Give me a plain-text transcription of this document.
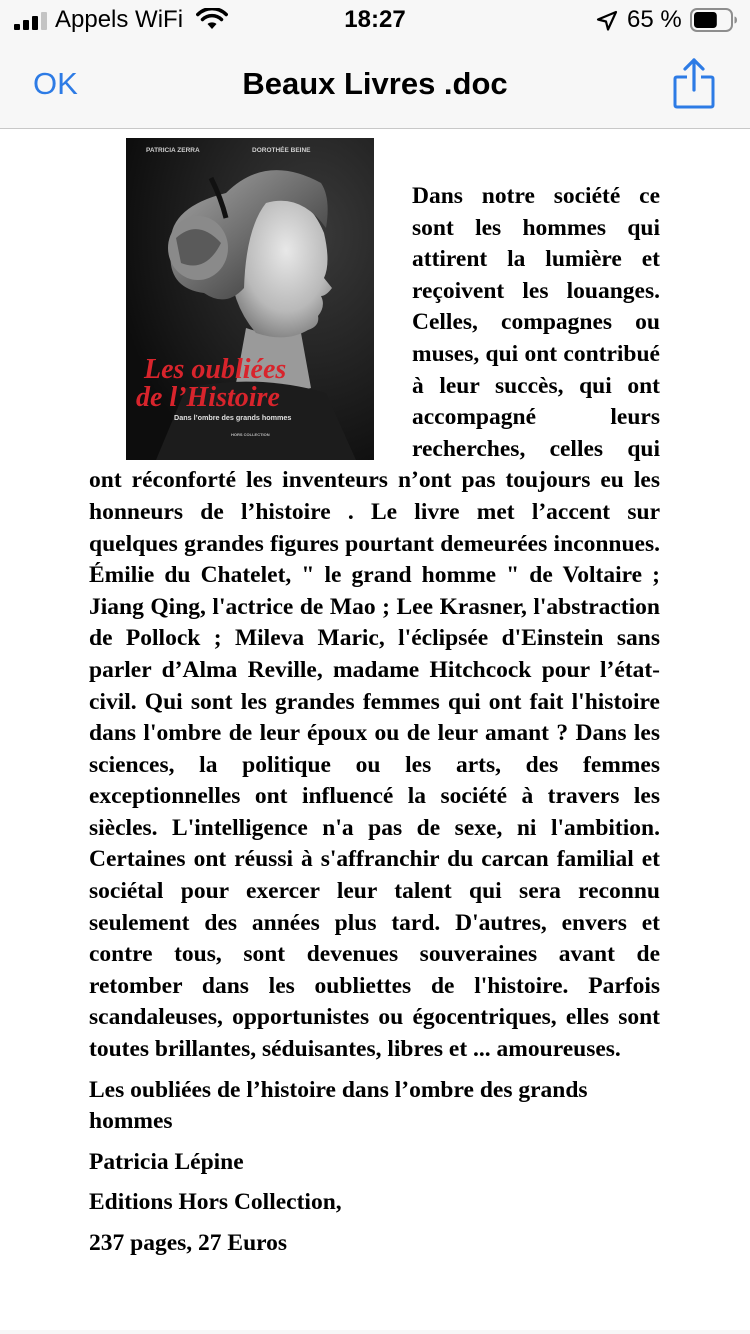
Appels WiFi	18:27	65 %
OK	Beaux Livres .doc
PATRICIA ZERRA	DOROTHÉE BEINE
Les oubliées
de l’Histoire
Dans l’ombre des grands hommes
HORS COLLECTION

Dans notre société ce sont les hommes qui attirent la lumière et reçoivent les louanges. Celles, compagnes ou muses, qui ont contribué à leur succès, qui ont accompagné leurs recherches, celles qui ont réconforté les inventeurs n’ont pas toujours eu les honneurs de l’histoire . Le livre met l’accent sur quelques grandes figures pourtant demeurées inconnues. Émilie du Chatelet, " le grand homme " de Voltaire ; Jiang Qing, l'actrice de Mao ; Lee Krasner, l'abstraction de Pollock ; Mileva Maric, l'éclipsée d'Einstein sans parler d’Alma Reville, madame Hitchcock pour l’état-civil. Qui sont les grandes femmes qui ont fait l'histoire dans l'ombre de leur époux ou de leur amant ? Dans les sciences, la politique ou les arts, des femmes exceptionnelles ont influencé la société à travers les siècles. L'intelligence n'a pas de sexe, ni l'ambition. Certaines ont réussi à s'affranchir du carcan familial et sociétal pour exercer leur talent qui sera reconnu seulement des années plus tard. D'autres, envers et contre tous, sont devenues souveraines avant de retomber dans les oubliettes de l'histoire. Parfois scandaleuses, opportunistes ou égocentriques, elles sont toutes brillantes, séduisantes, libres et ... amoureuses.

Les oubliées de l’histoire dans l’ombre des grands hommes

Patricia Lépine

Editions Hors Collection,

237 pages, 27 Euros
